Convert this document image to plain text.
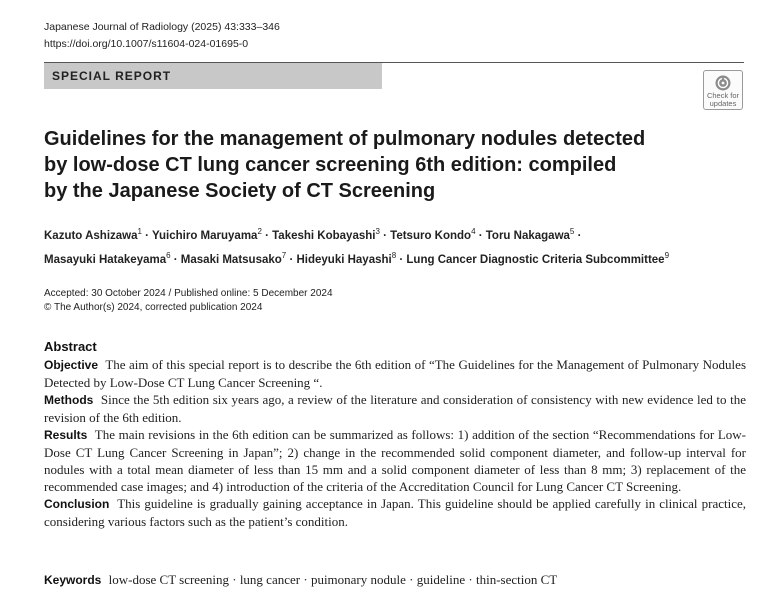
Japanese Journal of Radiology (2025) 43:333–346
https://doi.org/10.1007/s11604-024-01695-0
SPECIAL REPORT
Check for updates
Guidelines for the management of pulmonary nodules detected
by low-dose CT lung cancer screening 6th edition: compiled
by the Japanese Society of CT Screening
Kazuto Ashizawa$^1$ · Yuichiro Maruyama$^2$ · Takeshi Kobayashi$^3$ · Tetsuro Kondo$^4$ · Toru Nakagawa$^5$ ·
Masayuki Hatakeyama$^6$ · Masaki Matsusako$^7$ · Hideyuki Hayashi$^8$ · Lung Cancer Diagnostic Criteria Subcommittee$^9$
Accepted: 30 October 2024 / Published online: 5 December 2024
© The Author(s) 2024, corrected publication 2024
Abstract

Objective The aim of this special report is to describe the 6th edition of “The Guidelines for the Management of Pulmonary Nodules Detected by Low-Dose CT Lung Cancer Screening “.

Methods Since the 5th edition six years ago, a review of the literature and consideration of consistency with new evidence led to the revision of the 6th edition.

Results The main revisions in the 6th edition can be summarized as follows: 1) addition of the section “Recommendations for Low-Dose CT Lung Cancer Screening in Japan”; 2) change in the recommended solid component diameter, and follow-up interval for nodules with a total mean diameter of less than 15 mm and a solid component diameter of less than 8 mm; 3) replacement of the recommended case images; and 4) introduction of the criteria of the Accreditation Council for Lung Cancer CT Screening.

Conclusion This guideline is gradually gaining acceptance in Japan. This guideline should be applied carefully in clinical practice, considering various factors such as the patient’s condition.

Keywords low-dose CT screening · lung cancer · puimonary nodule · guideline · thin-section CT
